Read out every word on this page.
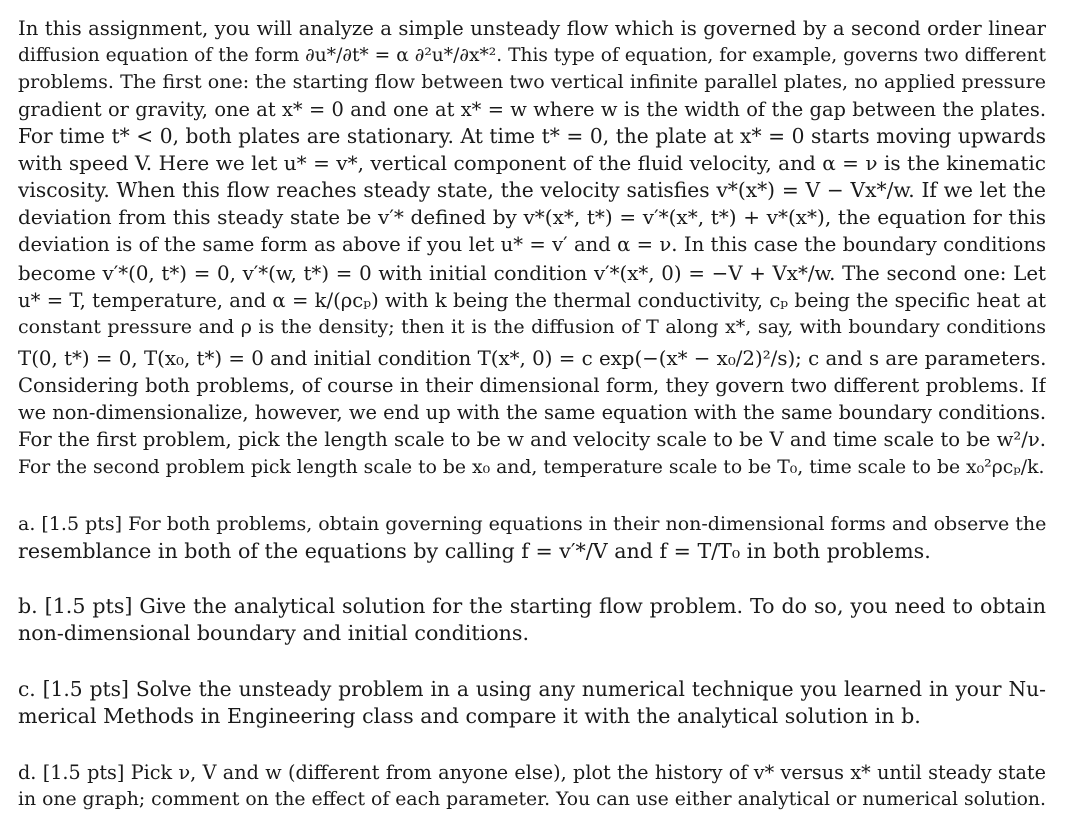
In this assignment, you will analyze a simple unsteady flow which is governed by a second order linear
diffusion equation of the form ∂u*/∂t* = α ∂²u*/∂x*². This type of equation, for example, governs two different
problems. The first one: the starting flow between two vertical infinite parallel plates, no applied pressure
gradient or gravity, one at x* = 0 and one at x* = w where w is the width of the gap between the plates.
For time t* < 0, both plates are stationary. At time t* = 0, the plate at x* = 0 starts moving upwards
with speed V. Here we let u* = v*, vertical component of the fluid velocity, and α = ν is the kinematic
viscosity. When this flow reaches steady state, the velocity satisfies v*(x*) = V − Vx*/w. If we let the
deviation from this steady state be v′* defined by v*(x*, t*) = v′*(x*, t*) + v*(x*), the equation for this
deviation is of the same form as above if you let u* = v′ and α = ν. In this case the boundary conditions
become v′*(0, t*) = 0, v′*(w, t*) = 0 with initial condition v′*(x*, 0) = −V + Vx*/w. The second one: Let
u* = T, temperature, and α = k/(ρcₚ) with k being the thermal conductivity, cₚ being the specific heat at
constant pressure and ρ is the density; then it is the diffusion of T along x*, say, with boundary conditions
T(0, t*) = 0, T(x₀, t*) = 0 and initial condition T(x*, 0) = c exp(−(x* − x₀/2)²/s); c and s are parameters.
Considering both problems, of course in their dimensional form, they govern two different problems. If
we non-dimensionalize, however, we end up with the same equation with the same boundary conditions.
For the first problem, pick the length scale to be w and velocity scale to be V and time scale to be w²/ν.
For the second problem pick length scale to be x₀ and, temperature scale to be T₀, time scale to be x₀²ρcₚ/k.
a. [1.5 pts] For both problems, obtain governing equations in their non-dimensional forms and observe the
resemblance in both of the equations by calling f = v′*/V and f = T/T₀ in both problems.
b. [1.5 pts] Give the analytical solution for the starting flow problem. To do so, you need to obtain
non-dimensional boundary and initial conditions.
c. [1.5 pts] Solve the unsteady problem in a using any numerical technique you learned in your Nu-
merical Methods in Engineering class and compare it with the analytical solution in b.
d. [1.5 pts] Pick ν, V and w (different from anyone else), plot the history of v* versus x* until steady state
in one graph; comment on the effect of each parameter. You can use either analytical or numerical solution.
